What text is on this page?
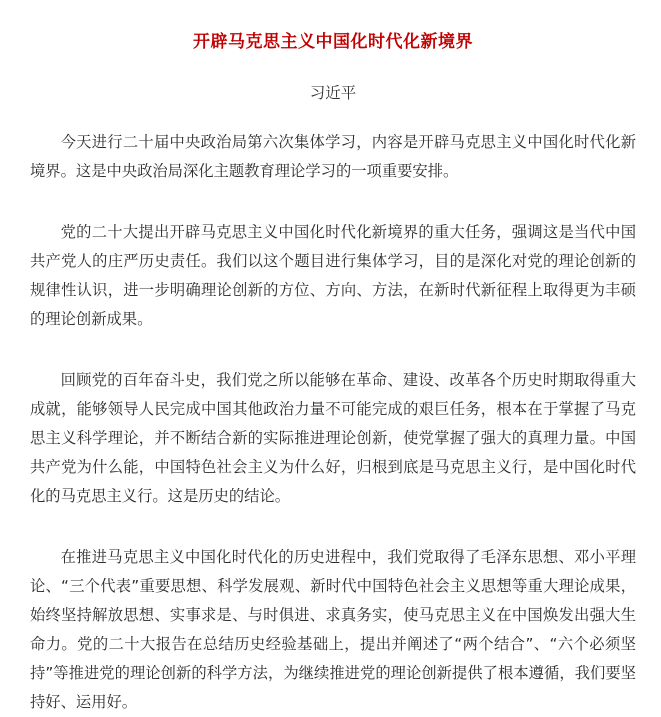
开辟马克思主义中国化时代化新境界

习近平

今天进行二十届中央政治局第六次集体学习，内容是开辟马克思主义中国化时代化新境界。这是中央政治局深化主题教育理论学习的一项重要安排。

党的二十大提出开辟马克思主义中国化时代化新境界的重大任务，强调这是当代中国共产党人的庄严历史责任。我们以这个题目进行集体学习，目的是深化对党的理论创新的规律性认识，进一步明确理论创新的方位、方向、方法，在新时代新征程上取得更为丰硕的理论创新成果。

回顾党的百年奋斗史，我们党之所以能够在革命、建设、改革各个历史时期取得重大成就，能够领导人民完成中国其他政治力量不可能完成的艰巨任务，根本在于掌握了马克思主义科学理论，并不断结合新的实际推进理论创新，使党掌握了强大的真理力量。中国共产党为什么能，中国特色社会主义为什么好，归根到底是马克思主义行，是中国化时代化的马克思主义行。这是历史的结论。

在推进马克思主义中国化时代化的历史进程中，我们党取得了毛泽东思想、邓小平理论、“三个代表”重要思想、科学发展观、新时代中国特色社会主义思想等重大理论成果，始终坚持解放思想、实事求是、与时俱进、求真务实，使马克思主义在中国焕发出强大生命力。党的二十大报告在总结历史经验基础上，提出并阐述了“两个结合”、“六个必须坚持”等推进党的理论创新的科学方法，为继续推进党的理论创新提供了根本遵循，我们要坚持好、运用好。
